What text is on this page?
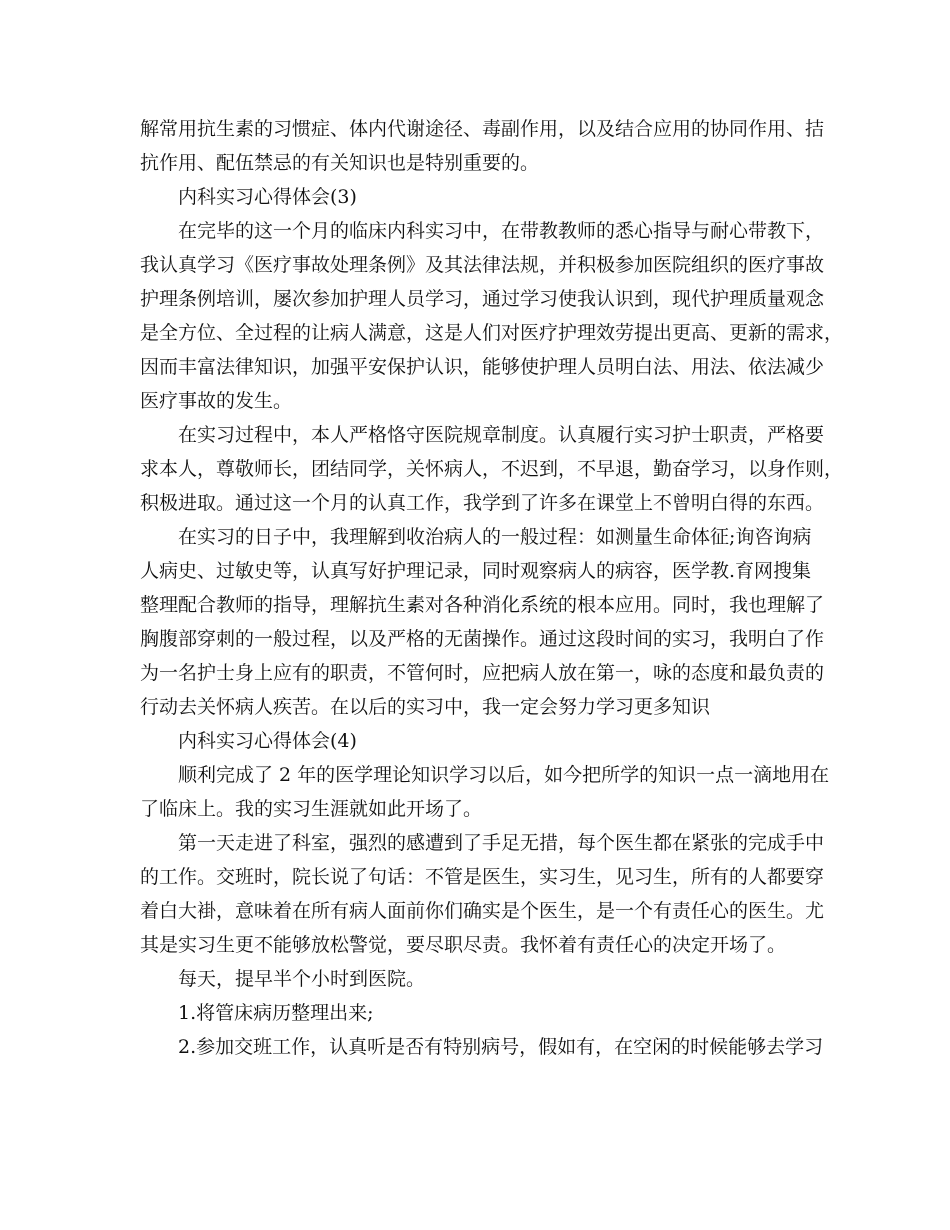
解常用抗生素的习惯症、体内代谢途径、毒副作用，以及结合应用的协同作用、拮
抗作用、配伍禁忌的有关知识也是特别重要的。

内科实习心得体会(3)

在完毕的这一个月的临床内科实习中，在带教教师的悉心指导与耐心带教下，
我认真学习《医疗事故处理条例》及其法律法规，并积极参加医院组织的医疗事故
护理条例培训，屡次参加护理人员学习，通过学习使我认识到，现代护理质量观念
是全方位、全过程的让病人满意，这是人们对医疗护理效劳提出更高、更新的需求，
因而丰富法律知识，加强平安保护认识，能够使护理人员明白法、用法、依法减少
医疗事故的发生。

在实习过程中，本人严格恪守医院规章制度。认真履行实习护士职责，严格要
求本人，尊敬师长，团结同学，关怀病人，不迟到，不早退，勤奋学习，以身作则，
积极进取。通过这一个月的认真工作，我学到了许多在课堂上不曾明白得的东西。

在实习的日子中，我理解到收治病人的一般过程：如测量生命体征;询咨询病
人病史、过敏史等，认真写好护理记录，同时观察病人的病容，医学教.育网搜集
整理配合教师的指导，理解抗生素对各种消化系统的根本应用。同时，我也理解了
胸腹部穿刺的一般过程，以及严格的无菌操作。通过这段时间的实习，我明白了作
为一名护士身上应有的职责，不管何时，应把病人放在第一，咏的态度和最负责的
行动去关怀病人疾苦。在以后的实习中，我一定会努力学习更多知识

内科实习心得体会(4)

顺利完成了 2 年的医学理论知识学习以后，如今把所学的知识一点一滴地用在
了临床上。我的实习生涯就如此开场了。

第一天走进了科室，强烈的感遭到了手足无措，每个医生都在紧张的完成手中
的工作。交班时，院长说了句话：不管是医生，实习生，见习生，所有的人都要穿
着白大褂，意味着在所有病人面前你们确实是个医生，是一个有责任心的医生。尤
其是实习生更不能够放松警觉，要尽职尽责。我怀着有责任心的决定开场了。

每天，提早半个小时到医院。

1.将管床病历整理出来;

2.参加交班工作，认真听是否有特别病号，假如有，在空闲的时候能够去学习
